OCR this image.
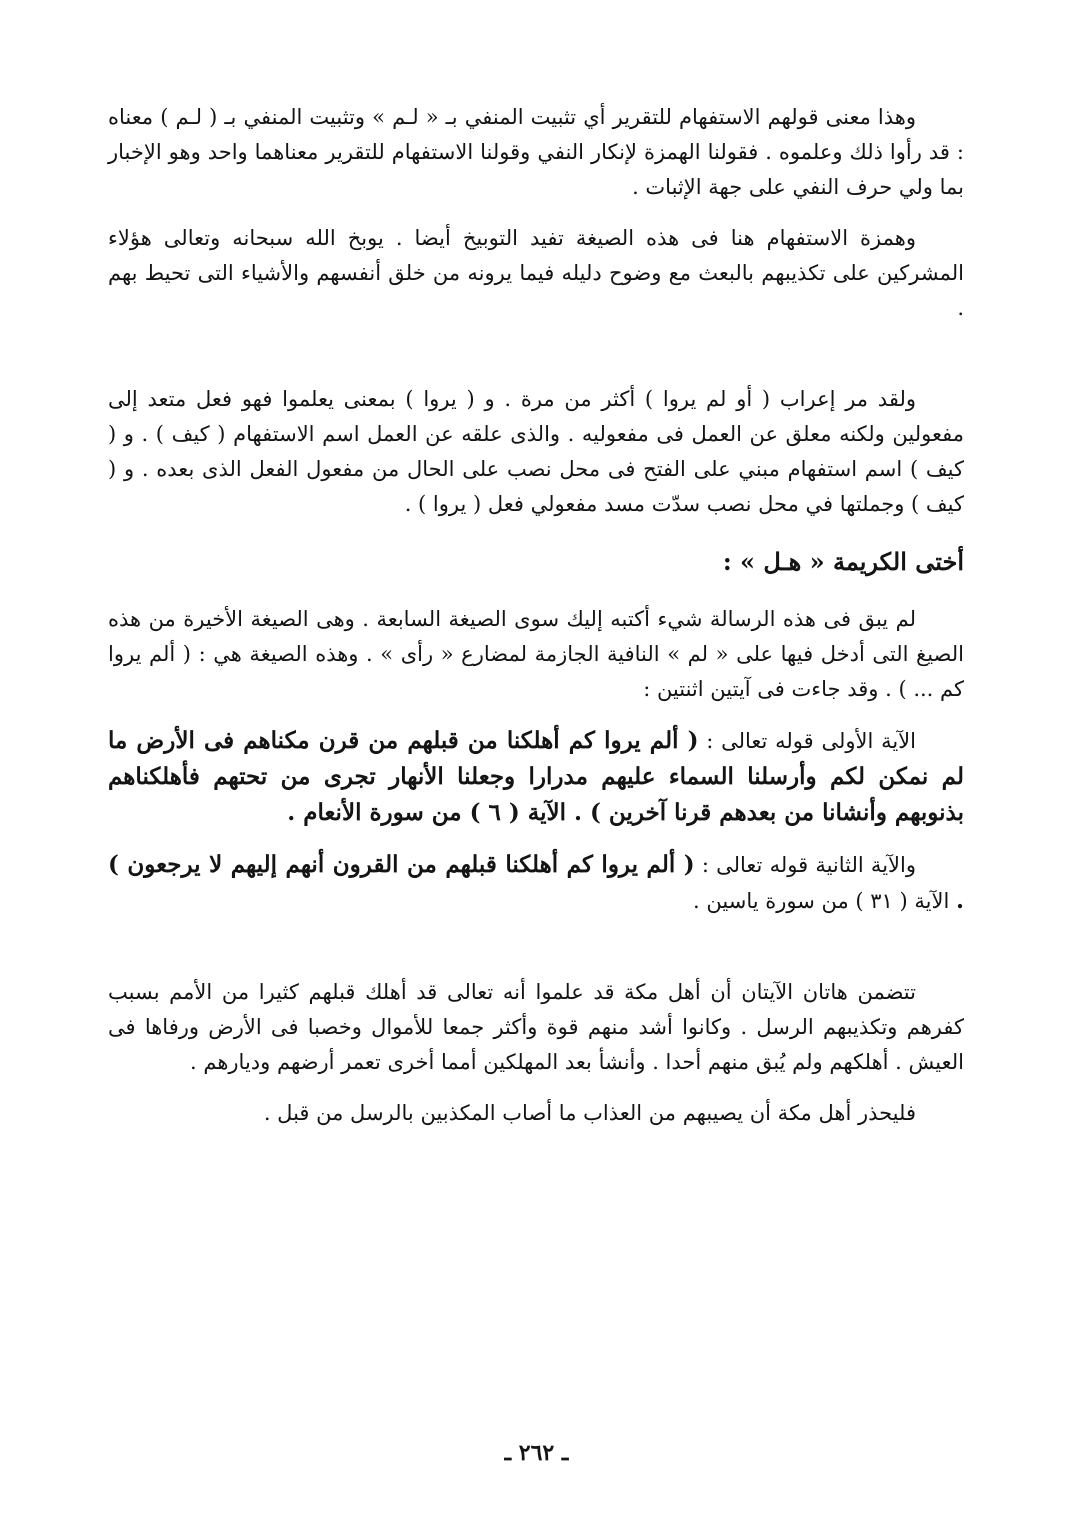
وهذا معنى قولهم الاستفهام للتقرير أي تثبيت المنفي بـ « لـم » وتثبيت المنفي بـ ( لـم ) معناه : قد رأوا ذلك وعلموه . فقولنا الهمزة لإنكار النفي وقولنا الاستفهام للتقرير معناهما واحد وهو الإخبار بما ولي حرف النفي على جهة الإثبات .

وهمزة الاستفهام هنا فى هذه الصيغة تفيد التوبيخ أيضا . يوبخ الله سبحانه وتعالى هؤلاء المشركين على تكذيبهم بالبعث مع وضوح دليله فيما يرونه من خلق أنفسهم والأشياء التى تحيط بهم .

ولقد مر إعراب ( أو لم يروا ) أكثر من مرة . و ( يروا ) بمعنى يعلموا فهو فعل متعد إلى مفعولين ولكنه معلق عن العمل فى مفعوليه . والذى علقه عن العمل اسم الاستفهام ( كيف ) . و ( كيف ) اسم استفهام مبني على الفتح فى محل نصب على الحال من مفعول الفعل الذى بعده . و ( كيف ) وجملتها في محل نصب سدّت مسد مفعولي فعل ( يروا ) .

أختى الكريمة « هـل » :

لم يبق فى هذه الرسالة شيء أكتبه إليك سوى الصيغة السابعة . وهى الصيغة الأخيرة من هذه الصيغ التى أدخل فيها على « لم » النافية الجازمة لمضارع « رأى » . وهذه الصيغة هي : ( ألم يروا كم ... ) . وقد جاءت فى آيتين اثنتين :

الآية الأولى قوله تعالى : ( ألم يروا كم أهلكنا من قبلهم من قرن مكناهم فى الأرض ما لم نمكن لكم وأرسلنا السماء عليهم مدرارا وجعلنا الأنهار تجرى من تحتهم فأهلكناهم بذنوبهم وأنشانا من بعدهم قرنا آخرين ) . الآية ( ٦ ) من سورة الأنعام .

والآية الثانية قوله تعالى : ( ألم يروا كم أهلكنا قبلهم من القرون أنهم إليهم لا يرجعون ) . الآية ( ٣١ ) من سورة ياسين .

تتضمن هاتان الآيتان أن أهل مكة قد علموا أنه تعالى قد أهلك قبلهم كثيرا من الأمم بسبب كفرهم وتكذيبهم الرسل . وكانوا أشد منهم قوة وأكثر جمعا للأموال وخصبا فى الأرض ورفاها فى العيش . أهلكهم ولم يُبق منهم أحدا . وأنشأ بعد المهلكين أمما أخرى تعمر أرضهم وديارهم .

فليحذر أهل مكة أن يصيبهم من العذاب ما أصاب المكذبين بالرسل من قبل .

ـ ٢٦٢ ـ
